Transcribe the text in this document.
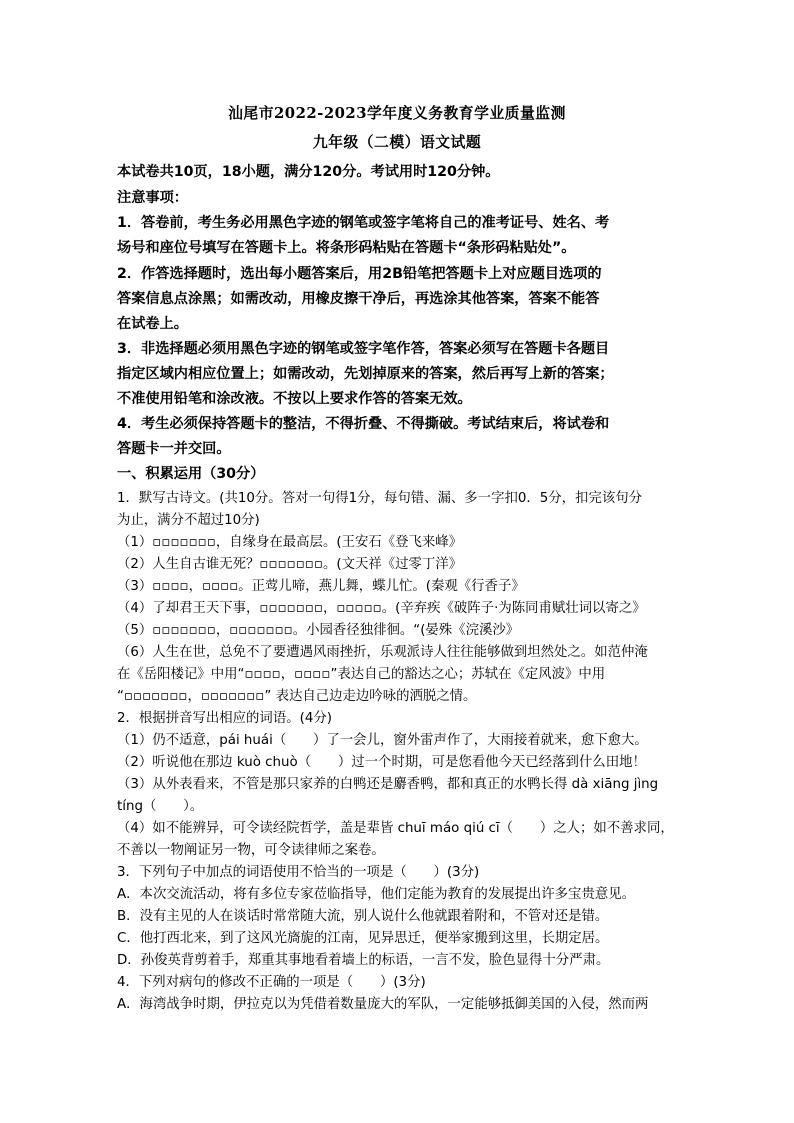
汕尾市2022-2023学年度义务教育学业质量监测
九年级（二模）语文试题
本试卷共10页，18小题，满分120分。考试用时120分钟。
注意事项：
1．答卷前，考生务必用黑色字迹的钢笔或签字笔将自己的准考证号、姓名、考
场号和座位号填写在答题卡上。将条形码粘贴在答题卡“条形码粘贴处”。
2．作答选择题时，选出每小题答案后，用2B铅笔把答题卡上对应题目选项的
答案信息点涂黑；如需改动，用橡皮擦干净后，再选涂其他答案，答案不能答
在试卷上。
3．非选择题必须用黑色字迹的钢笔或签字笔作答，答案必须写在答题卡各题目
指定区域内相应位置上；如需改动，先划掉原来的答案，然后再写上新的答案；
不准使用铅笔和涂改液。不按以上要求作答的答案无效。
4．考生必须保持答题卡的整洁，不得折叠、不得撕破。考试结束后，将试卷和
答题卡一并交回。
一、积累运用（30分）
1．默写古诗文。(共10分。答对一句得1分，每句错、漏、多一字扣0．5分，扣完该句分
为止，满分不超过10分)
（1）▫▫▫▫▫▫▫，自缘身在最高层。(王安石《登飞来峰》
（2）人生自古谁无死？▫▫▫▫▫▫▫。(文天祥《过零丁洋》
（3）▫▫▫▫，▫▫▫▫。正莺儿啼，燕儿舞，蝶儿忙。(秦观《行香子》
（4）了却君王天下事，▫▫▫▫▫▫▫，▫▫▫▫▫。(辛弃疾《破阵子·为陈同甫赋壮词以寄之》
（5）▫▫▫▫▫▫▫，▫▫▫▫▫▫▫。小园香径独徘徊。“(晏殊《浣溪沙》
（6）人生在世，总免不了要遭遇风雨挫折，乐观派诗人往往能够做到坦然处之。如范仲淹
在《岳阳楼记》中用“▫▫▫▫，▫▫▫▫”表达自己的豁达之心；苏轼在《定风波》中用
“▫▫▫▫▫▫▫，▫▫▫▫▫▫▫” 表达自己边走边吟咏的洒脱之情。
2．根据拼音写出相应的词语。(4分)
（1）仍不适意，pái huái（　　）了一会儿，窗外雷声作了，大雨接着就来，愈下愈大。
（2）听说他在那边 kuò chuò（　　）过一个时期，可是您看他今天已经落到什么田地！
（3）从外表看来，不管是那只家养的白鸭还是麝香鸭，都和真正的水鸭长得 dà xiāng jìng
tíng（　　）。
（4）如不能辨异，可令读经院哲学，盖是辈皆 chuī máo qiú cī（　　）之人；如不善求同，
不善以一物阐证另一物，可令读律师之案卷。
3．下列句子中加点的词语使用不恰当的一项是（　　）(3分)
A．本次交流活动，将有多位专家莅临指导，他们定能为教育的发展提出许多宝贵意见。
B．没有主见的人在谈话时常常随大流，别人说什么他就跟着附和，不管对还是错。
C．他打西北来，到了这风光旖旎的江南，见异思迁，便举家搬到这里，长期定居。
D．孙俊英背剪着手，郑重其事地看着墙上的标语，一言不发，脸色显得十分严肃。
4．下列对病句的修改不正确的一项是（　　）(3分)
A．海湾战争时期，伊拉克以为凭借着数量庞大的军队，一定能够抵御美国的入侵，然而两
